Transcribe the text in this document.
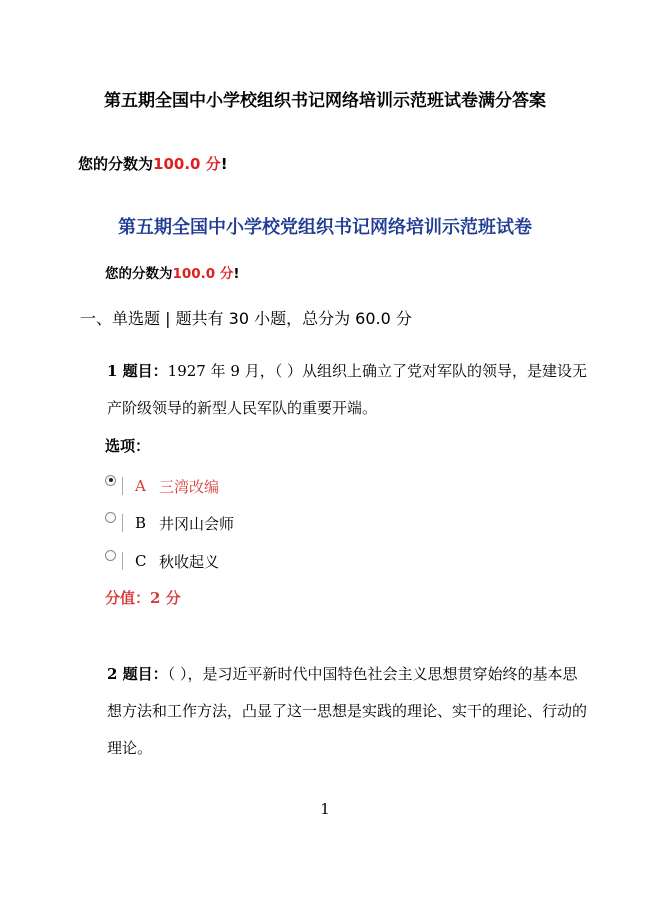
第五期全国中小学校组织书记网络培训示范班试卷满分答案
您的分数为100.0 分!
第五期全国中小学校党组织书记网络培训示范班试卷
您的分数为100.0 分!
一、单选题 | 题共有 30 小题，总分为 60.0 分
1 题目：1927 年 9 月，（ ）从组织上确立了党对军队的领导，是建设无产阶级领导的新型人民军队的重要开端。
选项：
A 三湾改编
B 井冈山会师
C 秋收起义
分值：2 分
2 题目：（ ），是习近平新时代中国特色社会主义思想贯穿始终的基本思想方法和工作方法，凸显了这一思想是实践的理论、实干的理论、行动的理论。
1
